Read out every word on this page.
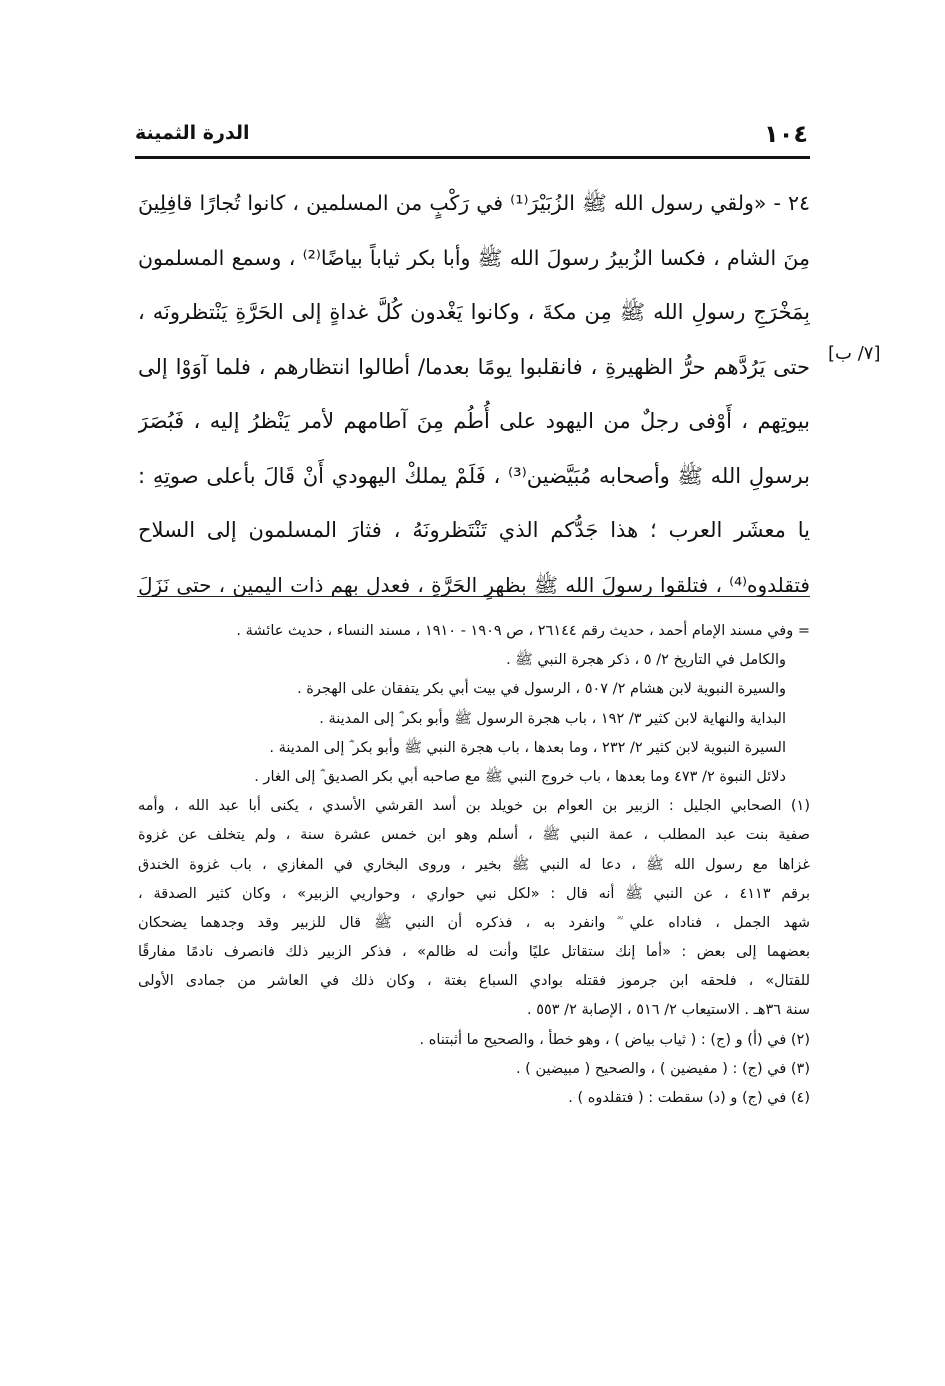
١٠٤
الدرة الثمينة
[٧/ ب]
٢٤ - «ولقي رسول الله ﷺ الزُبَيْرَ⁽¹⁾ في رَكْبٍ من المسلمين ، كانوا تُجارًا قافِلِينَ
مِنَ الشام ، فكسا الزُبيرُ رسولَ الله ﷺ وأبا بكر ثياباً بياضًا⁽²⁾ ، وسمع المسلمون
بِمَخْرَجِ رسولِ الله ﷺ مِن مكةَ ، وكانوا يَغْدون كُلَّ غداةٍ إلى الحَرَّةِ يَنْتظرونَه ،
حتى يَرُدَّهم حرُّ الظهيرةِ ، فانقلبوا يومًا بعدما/ أطالوا انتظارهم ، فلما آوَوْا إلى
بيوتِهم ، أَوْفى رجلٌ من اليهود على أُطُم مِنَ آطامهم لأمر يَنْظرُ إليه ، فَبُصَرَ
برسولِ الله ﷺ وأصحابه مُبَيَّضين⁽³⁾ ، فَلَمْ يملكْ اليهودي أَنْ قَالَ بأعلى صوتِهِ :
يا معشَر العرب ؛ هذا جَدُّكم الذي تَنْتَظرونَهُ ، فثارَ المسلمون إلى السلاح
فتقلدوه⁽⁴⁾ ، فتلقوا رسولَ الله ﷺ بظهرِ الحَرَّةِ ، فعدل بهم ذات اليمين ، حتى نَزَلَ
= وفي مسند الإمام أحمد ، حديث رقم ٢٦١٤٤ ، ص ١٩٠٩ - ١٩١٠ ، مسند النساء ، حديث عائشة .
والكامل في التاريخ ٢/ ٥ ، ذكر هجرة النبي ﷺ .
والسيرة النبوية لابن هشام ٢/ ٥٠٧ ، الرسول في بيت أبي بكر يتفقان على الهجرة .
البداية والنهاية لابن كثير ٣/ ١٩٢ ، باب هجرة الرسول ﷺ وأبو بكر ؓ إلى المدينة .
السيرة النبوية لابن كثير ٢/ ٢٣٢ ، وما بعدها ، باب هجرة النبي ﷺ وأبو بكر ؓ إلى المدينة .
دلائل النبوة ٢/ ٤٧٣ وما بعدها ، باب خروج النبي ﷺ مع صاحبه أبي بكر الصديق ؓ إلى الغار .
(١) الصحابي الجليل : الزبير بن العوام بن خويلد بن أسد القرشي الأسدي ، يكنى أبا عبد الله ، وأمه
صفية بنت عبد المطلب ، عمة النبي ﷺ ، أسلم وهو ابن خمس عشرة سنة ، ولم يتخلف عن غزوة
غزاها مع رسول الله ﷺ ، دعا له النبي ﷺ بخير ، وروى البخاري في المغازي ، باب غزوة الخندق
برقم ٤١١٣ ، عن النبي ﷺ أنه قال : «لكل نبي حواري ، وحواريي الزبير» ، وكان كثير الصدقة ،
شهد الجمل ، فناداه علي ؓ وانفرد به ، فذكره أن النبي ﷺ قال للزبير وقد وجدهما يضحكان
بعضهما إلى بعض : «أما إنك ستقاتل عليًا وأنت له ظالم» ، فذكر الزبير ذلك فانصرف نادمًا مفارقًا
للقتال» ، فلحقه ابن جرموز فقتله بوادي السباع بغتة ، وكان ذلك في العاشر من جمادى الأولى
سنة ٣٦هـ . الاستيعاب ٢/ ٥١٦ ، الإصابة ٢/ ٥٥٣ .
(٢) في (أ) و (ج) : ( ثياب بياض ) ، وهو خطأ ، والصحيح ما أثبتناه .
(٣) في (ج) : ( مفيضين ) ، والصحيح ( مبيضين ) .
(٤) في (ج) و (د) سقطت : ( فتقلدوه ) .
